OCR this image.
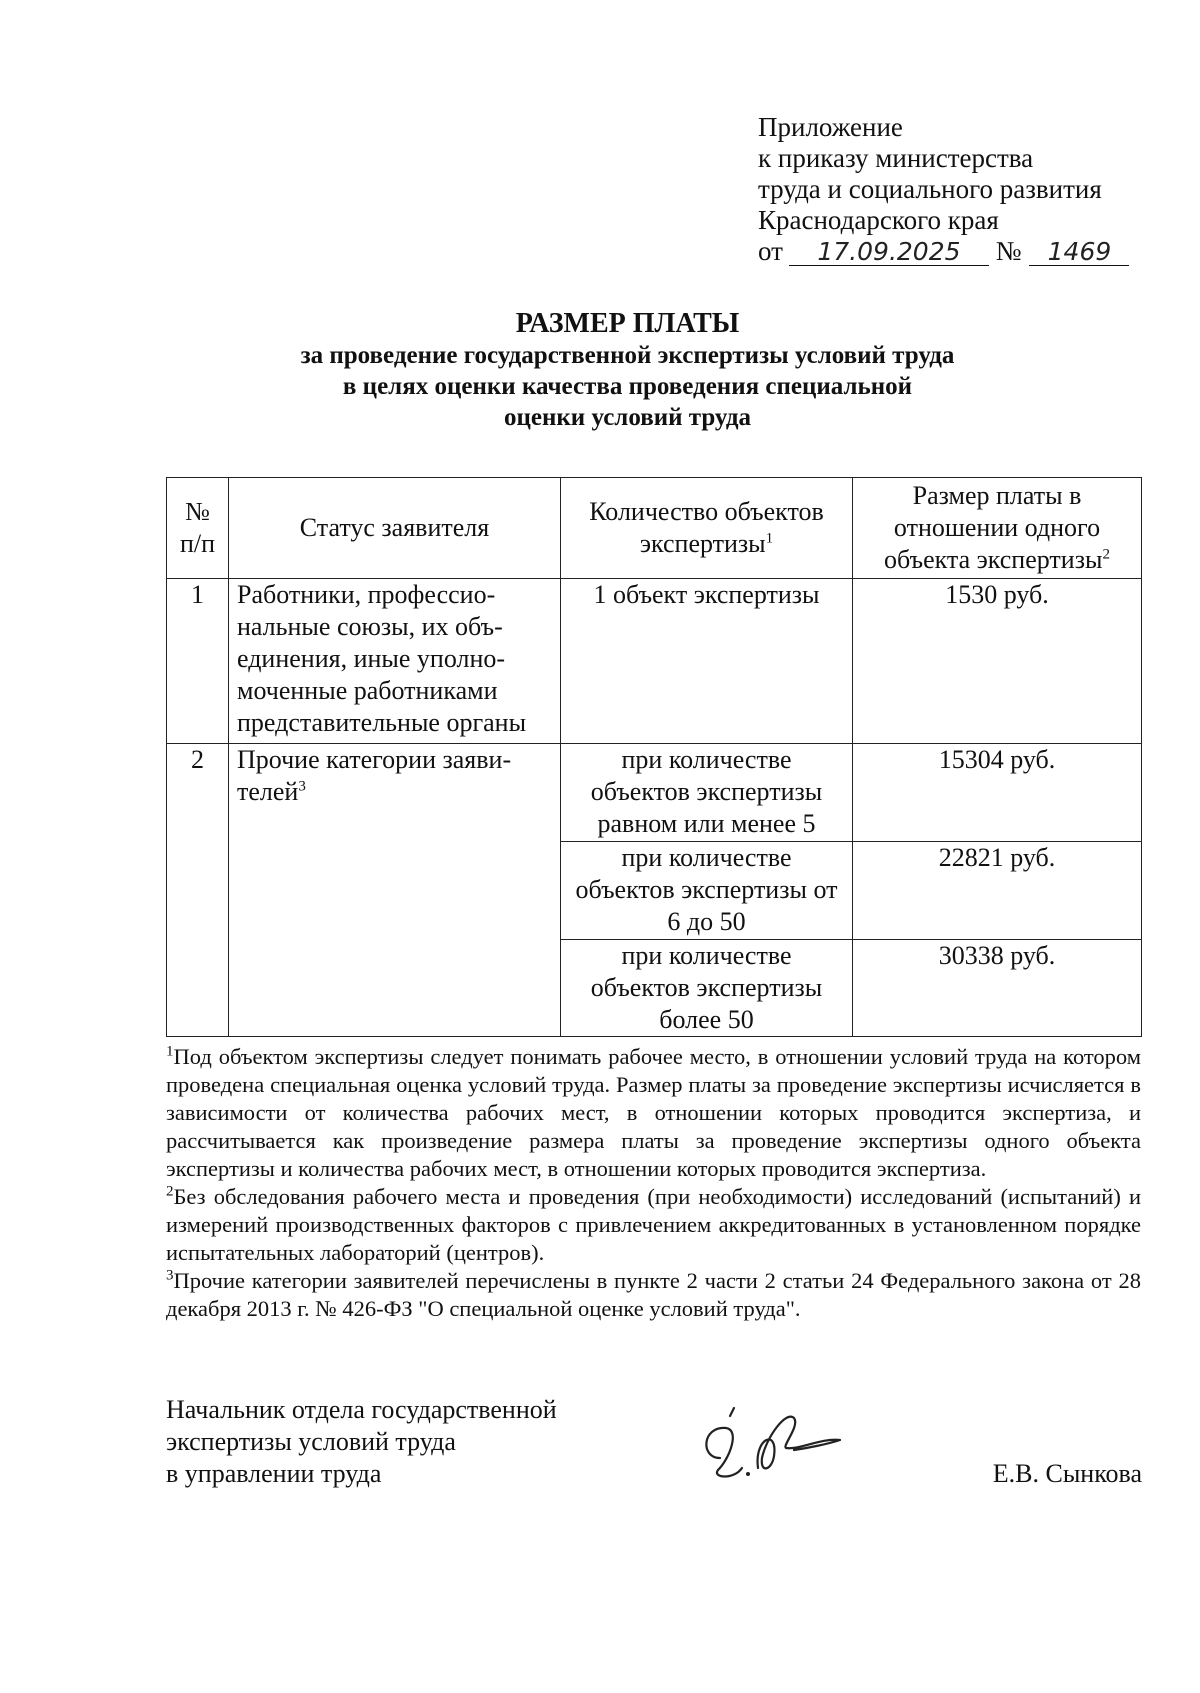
Приложение
к приказу министерства
труда и социального развития
Краснодарского края
от 17.09.2025 № 1469
РАЗМЕР ПЛАТЫ
за проведение государственной экспертизы условий труда
в целях оценки качества проведения специальной
оценки условий труда
№ п/п	Статус заявителя	Количество объектов экспертизы$^1$	Размер платы в отношении одного объекта экспертизы$^2$
1	Работники, профессио-нальные союзы, их объ-единения, иные уполно-моченные работниками представительные органы	1 объект экспертизы	1530 руб.
2	Прочие категории заяви-телей$^3$	при количестве объектов экспертизы равном или менее 5	15304 руб.
		при количестве объектов экспертизы от 6 до 50	22821 руб.
		при количестве объектов экспертизы более 50	30338 руб.

$^1$Под объектом экспертизы следует понимать рабочее место, в отношении условий труда на котором проведена специальная оценка условий труда. Размер платы за проведение экспертизы исчисляется в зависимости от количества рабочих мест, в отношении которых проводится экспертиза, и рассчитывается как произведение размера платы за проведение экспертизы одного объекта экспертизы и количества рабочих мест, в отношении которых проводится экспертиза.

$^2$Без обследования рабочего места и проведения (при необходимости) исследований (испытаний) и измерений производственных факторов с привлечением аккредитованных в установленном порядке испытательных лабораторий (центров).

$^3$Прочие категории заявителей перечислены в пункте 2 части 2 статьи 24 Федерального закона от 28 декабря 2013 г. № 426-ФЗ "О специальной оценке условий труда".

Начальник отдела государственной
экспертизы условий труда
в управлении труда	Е.В. Сынкова
